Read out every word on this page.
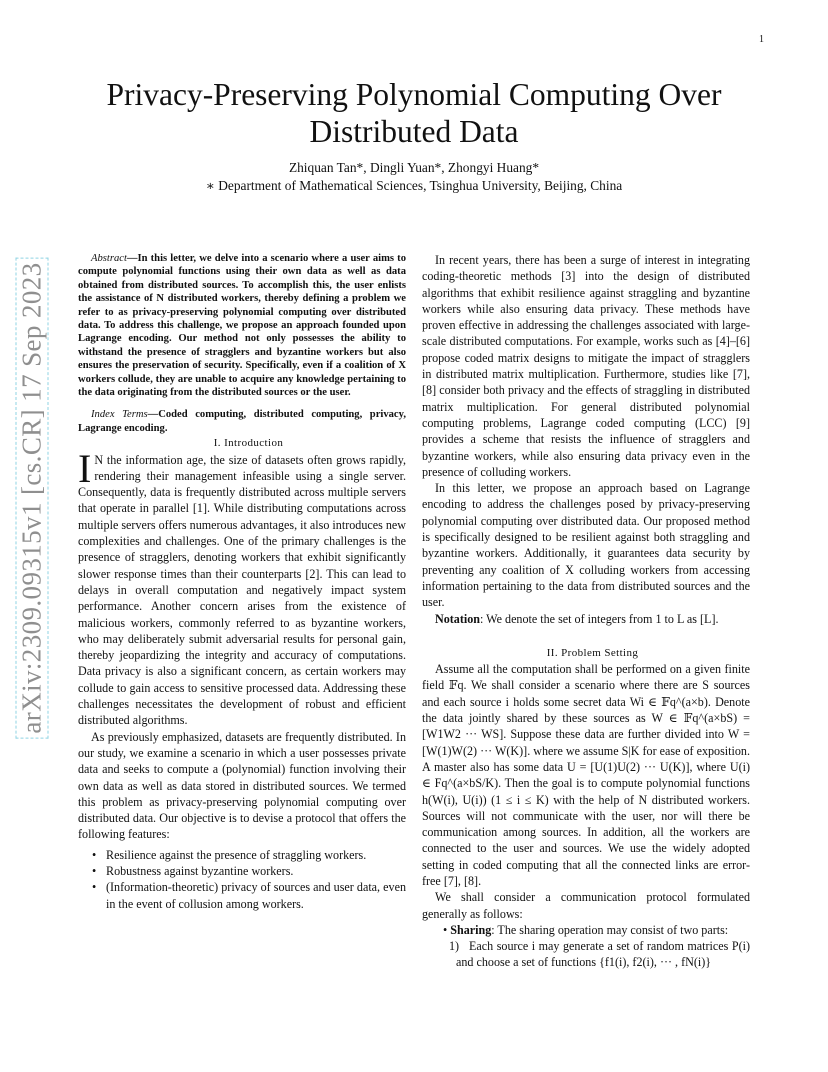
1
arXiv:2309.09315v1 [cs.CR] 17 Sep 2023
Privacy-Preserving Polynomial Computing Over Distributed Data
Zhiquan Tan*, Dingli Yuan*, Zhongyi Huang*
∗ Department of Mathematical Sciences, Tsinghua University, Beijing, China

Abstract—In this letter, we delve into a scenario where a user aims to compute polynomial functions using their own data as well as data obtained from distributed sources. To accomplish this, the user enlists the assistance of N distributed workers, thereby defining a problem we refer to as privacy-preserving polynomial computing over distributed data. To address this challenge, we propose an approach founded upon Lagrange encoding. Our method not only possesses the ability to withstand the presence of stragglers and byzantine workers but also ensures the preservation of security. Specifically, even if a coalition of X workers collude, they are unable to acquire any knowledge pertaining to the data originating from the distributed sources or the user.

Index Terms—Coded computing, distributed computing, privacy, Lagrange encoding.

I. Introduction

I N the information age, the size of datasets often grows rapidly, rendering their management infeasible using a single server. Consequently, data is frequently distributed across multiple servers that operate in parallel [1]. While distributing computations across multiple servers offers numerous advantages, it also introduces new complexities and challenges. One of the primary challenges is the presence of stragglers, denoting workers that exhibit significantly slower response times than their counterparts [2]. This can lead to delays in overall computation and negatively impact system performance. Another concern arises from the existence of malicious workers, commonly referred to as byzantine workers, who may deliberately submit adversarial results for personal gain, thereby jeopardizing the integrity and accuracy of computations. Data privacy is also a significant concern, as certain workers may collude to gain access to sensitive processed data. Addressing these challenges necessitates the development of robust and efficient distributed algorithms.

As previously emphasized, datasets are frequently distributed. In our study, we examine a scenario in which a user possesses private data and seeks to compute a (polynomial) function involving their own data as well as data stored in distributed sources. We termed this problem as privacy-preserving polynomial computing over distributed data. Our objective is to devise a protocol that offers the following features:

• Resilience against the presence of straggling workers.
• Robustness against byzantine workers.
• (Information-theoretic) privacy of sources and user data, even in the event of collusion among workers.

In recent years, there has been a surge of interest in integrating coding-theoretic methods [3] into the design of distributed algorithms that exhibit resilience against straggling and byzantine workers while also ensuring data privacy. These methods have proven effective in addressing the challenges associated with large-scale distributed computations. For example, works such as [4]–[6] propose coded matrix designs to mitigate the impact of stragglers in distributed matrix multiplication. Furthermore, studies like [7], [8] consider both privacy and the effects of straggling in distributed matrix multiplication. For general distributed polynomial computing problems, Lagrange coded computing (LCC) [9] provides a scheme that resists the influence of stragglers and byzantine workers, while also ensuring data privacy even in the presence of colluding workers.

In this letter, we propose an approach based on Lagrange encoding to address the challenges posed by privacy-preserving polynomial computing over distributed data. Our proposed method is specifically designed to be resilient against both straggling and byzantine workers. Additionally, it guarantees data security by preventing any coalition of X colluding workers from accessing information pertaining to the data from distributed sources and the user.

Notation: We denote the set of integers from 1 to L as [L].

II. Problem Setting

Assume all the computation shall be performed on a given finite field 𝔽q. We shall consider a scenario where there are S sources and each source i holds some secret data Wi ∈ 𝔽q^(a×b). Denote the data jointly shared by these sources as W ∈ 𝔽q^(a×bS) = [W1W2 ··· WS]. Suppose these data are further divided into W = [W(1)W(2) ··· W(K)]. where we assume S|K for ease of exposition. A master also has some data U = [U(1)U(2) ··· U(K)], where U(i) ∈ Fq^(a×bS/K). Then the goal is to compute polynomial functions h(W(i), U(i)) (1 ≤ i ≤ K) with the help of N distributed workers. Sources will not communicate with the user, nor will there be communication among sources. In addition, all the workers are connected to the user and sources. We use the widely adopted setting in coded computing that all the connected links are error-free [7], [8].

We shall consider a communication protocol formulated generally as follows:

• Sharing: The sharing operation may consist of two parts:

1) Each source i may generate a set of random matrices P(i) and choose a set of functions {f1(i), f2(i), ··· , fN(i)}
